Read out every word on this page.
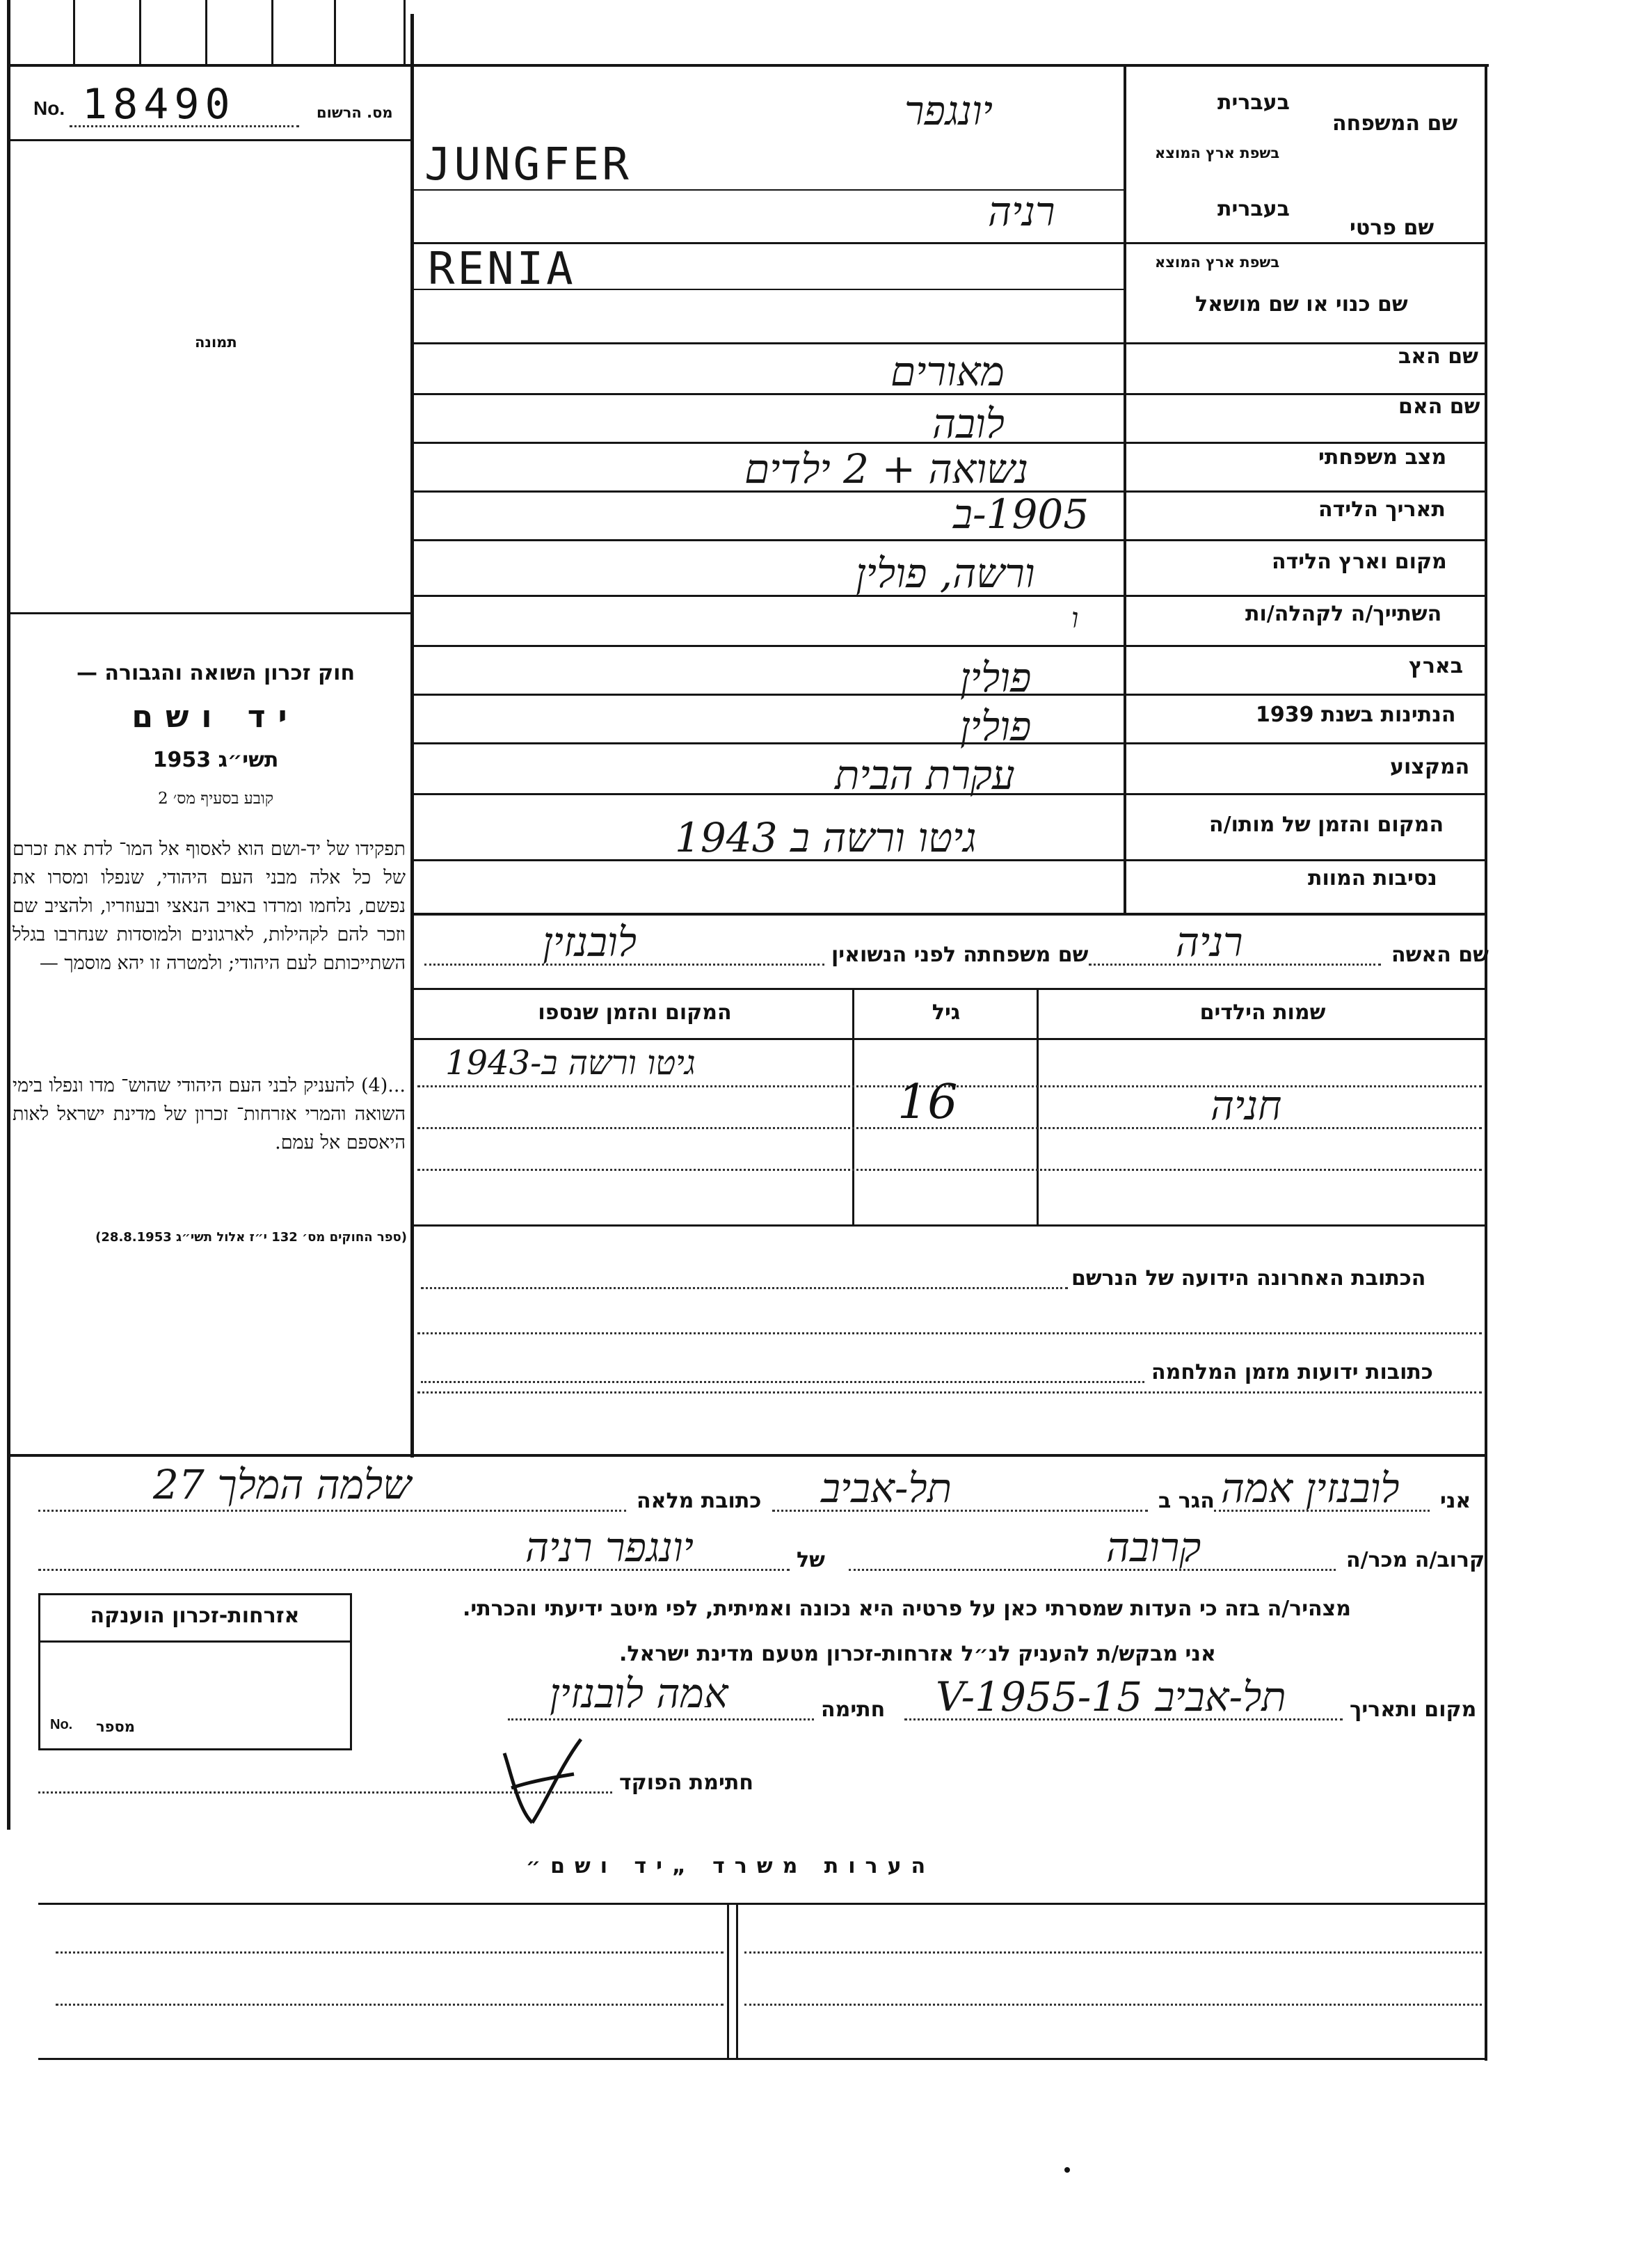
No. 18490	מס. הרשום
תמונה
חוק זכרון השואה והגבורה —
יד ושם
תשי״ג 1953
קובע בסעיף מס׳ 2
תפקידו של יד-ושם הוא לאסוף אל המו־ לדת את זכרם של כל אלה מבני העם היהודי, שנפלו ומסרו את נפשם, נלחמו ומרדו באויב הנאצי ובעוזריו, ולהציב שם וזכר להם לקהילות, לארגונים ולמוסדות שנחרבו בגלל השתייכותם לעם היהודי; ולמטרה זו יהא מוסמך —
...(4) להעניק לבני העם היהודי שהוש־ מדו ונפלו בימי השואה והמרי אזרחות־ זכרון של מדינת ישראל לאות היאספם אל עמם.
(ספר החוקים מס׳ 132 י״ז אלול תשי״ג 28.8.1953)
שם המשפחה
בעברית
בשפת ארץ המוצא
שם פרטי
בעברית
בשפת ארץ המוצא
שם כנוי או שם מושאל
שם האב
שם האם
מצב משפחתי
תאריך הלידה
מקום וארץ הלידה
השתייך/ה לקהלה/ות
בארץ
הנתינות בשנת 1939
המקצוע
המקום והזמן של מותו/ה
נסיבות המוות
יונגפר
JUNGFER
רניה
RENIA
מאורים
לובה
נשואה + 2 ילדים
1905-ב
ורשה, פולין
ו
פולין
פולין
עקרת הבית
גיטו ורשה ב 1943
שם האשה
רניה
שם משפחתה לפני הנשואין
לובנזין
שמות הילדים
גיל
המקום והזמן שנספו
חניה
16
גיטו ורשה ב-1943
הכתובת האחרונה הידועה של הנרשם
כתובות ידועות מזמן המלחמה
אני
לובנזין אמה
הגר ב
תל-אביב
כתובת מלאה
שלמה המלך 27
קרוב/ה מכר/ה
קרובה
של
יונגפר רניה
מצהיר/ה בזה כי העדות שמסרתי כאן על פרטיה היא נכונה ואמיתית, לפי מיטב ידיעתי והכרתי.
אני מבקש/ת להעניק לנ״ל אזרחות-זכרון מטעם מדינת ישראל.
מקום ותאריך
תל-אביב 15-V-1955
חתימה
אמה לובנזין
חתימת הפוקד
אזרחות-זכרון הוענקה
No. מספר
הערות משרד „יד ושם״
